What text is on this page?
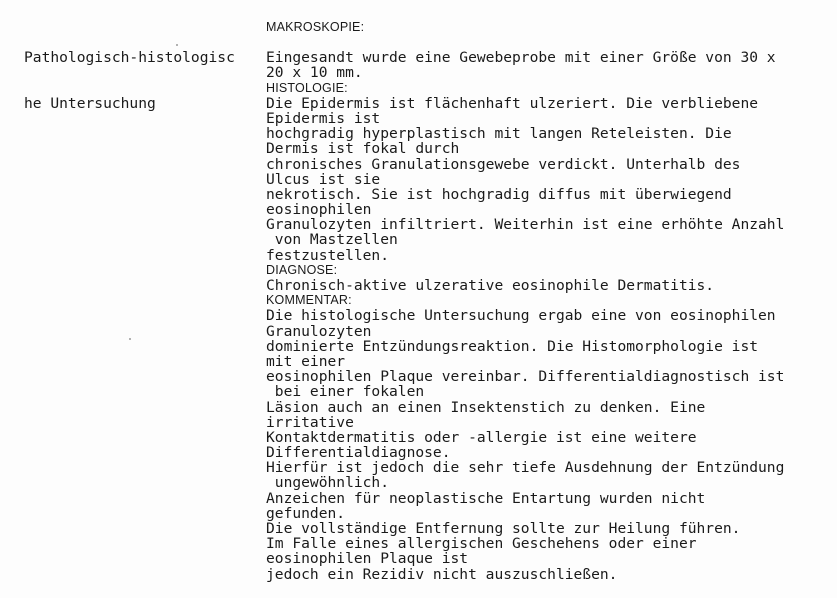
Pathologisch-histologisc

he Untersuchung

MAKROSKOPIE:
Eingesandt wurde eine Gewebeprobe mit einer Größe von 30 x
20 x 10 mm.
HISTOLOGIE:
Die Epidermis ist flächenhaft ulzeriert. Die verbliebene
Epidermis ist
hochgradig hyperplastisch mit langen Reteleisten. Die
Dermis ist fokal durch
chronisches Granulationsgewebe verdickt. Unterhalb des
Ulcus ist sie
nekrotisch. Sie ist hochgradig diffus mit überwiegend
eosinophilen
Granulozyten infiltriert. Weiterhin ist eine erhöhte Anzahl
von Mastzellen
festzustellen.
DIAGNOSE:
Chronisch-aktive ulzerative eosinophile Dermatitis.
KOMMENTAR:
Die histologische Untersuchung ergab eine von eosinophilen
Granulozyten
dominierte Entzündungsreaktion. Die Histomorphologie ist
mit einer
eosinophilen Plaque vereinbar. Differentialdiagnostisch ist
bei einer fokalen
Läsion auch an einen Insektenstich zu denken. Eine
irritative
Kontaktdermatitis oder -allergie ist eine weitere
Differentialdiagnose.
Hierfür ist jedoch die sehr tiefe Ausdehnung der Entzündung
ungewöhnlich.
Anzeichen für neoplastische Entartung wurden nicht
gefunden.
Die vollständige Entfernung sollte zur Heilung führen.
Im Falle eines allergischen Geschehens oder einer
eosinophilen Plaque ist
jedoch ein Rezidiv nicht auszuschließen.
